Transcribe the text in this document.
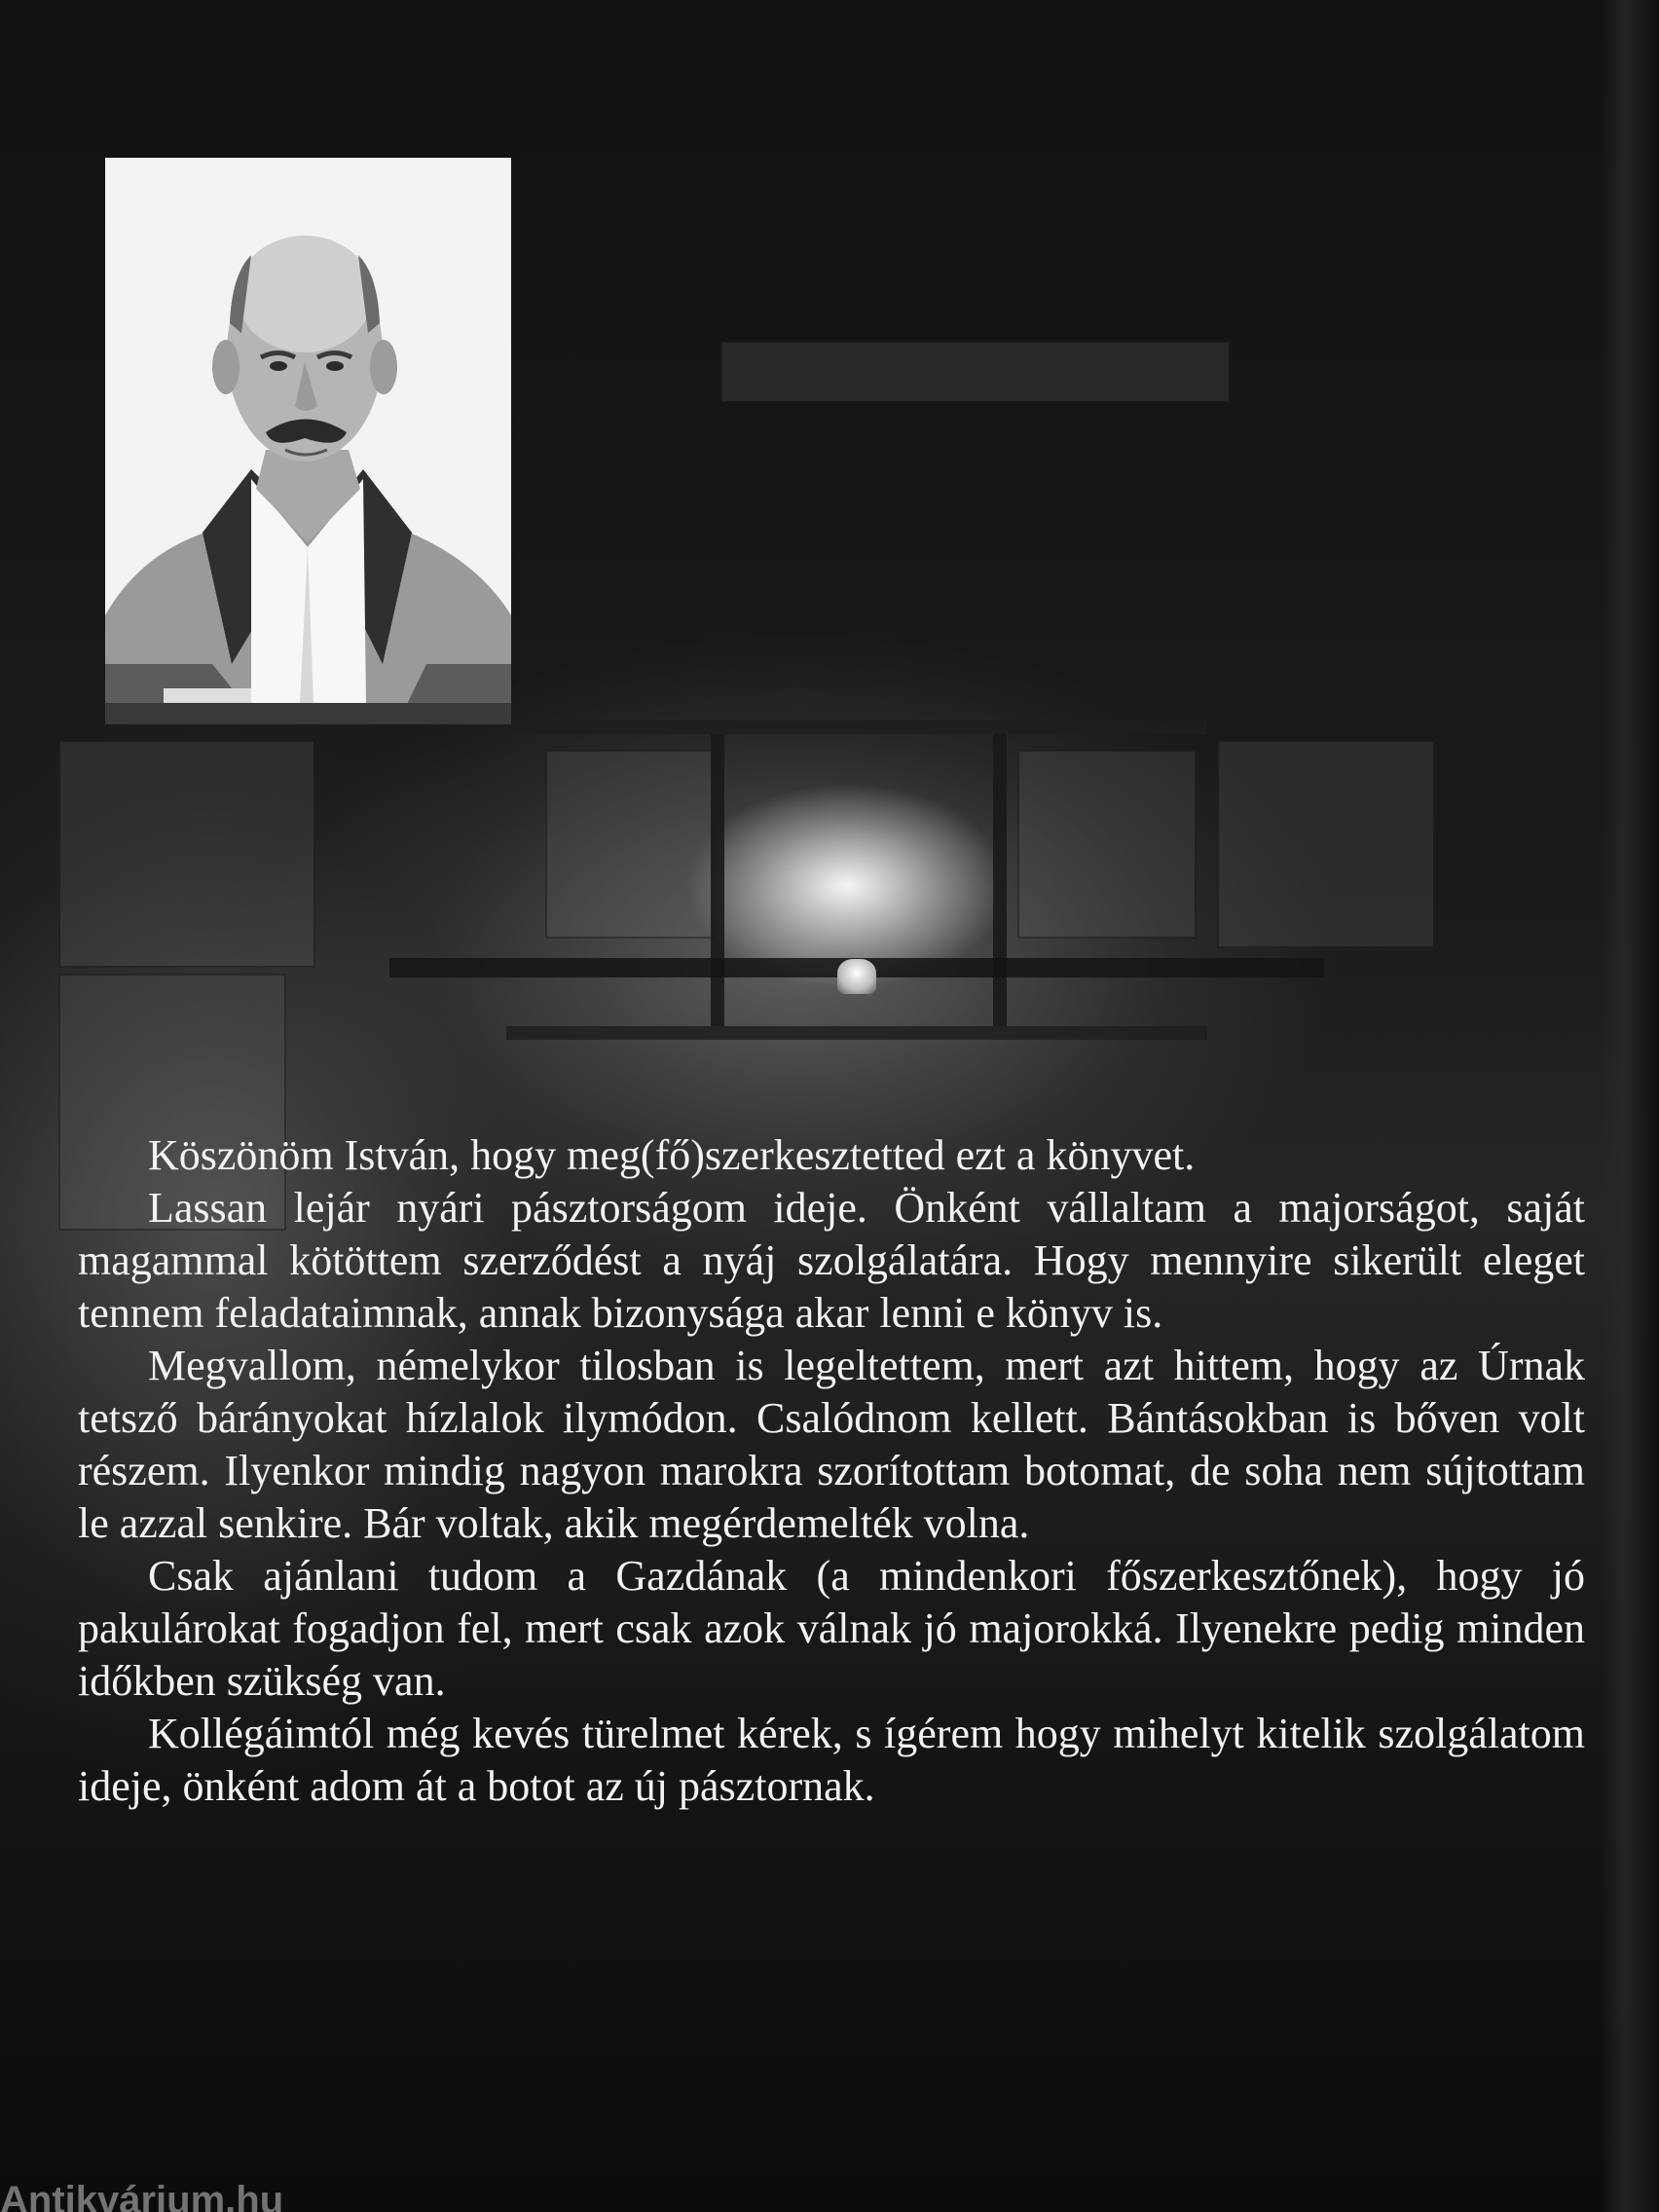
Köszönöm István, hogy meg(fő)szerkesztetted ezt a könyvet.

Lassan lejár nyári pásztorságom ideje. Önként vállaltam a majorságot, saját magammal kötöttem szerződést a nyáj szolgálatára. Hogy mennyire sikerült eleget tennem feladataimnak, annak bizonysága akar lenni e könyv is.

Megvallom, némelykor tilosban is legeltettem, mert azt hittem, hogy az Úrnak tetsző bárányokat hízlalok ilymódon. Csalódnom kellett. Bántásokban is bőven volt részem. Ilyenkor mindig nagyon marokra szorítottam botomat, de soha nem sújtottam le azzal senkire. Bár voltak, akik megérdemelték volna.

Csak ajánlani tudom a Gazdának (a mindenkori főszerkesztőnek), hogy jó pakulárokat fogadjon fel, mert csak azok válnak jó majorokká. Ilyenekre pedig minden időkben szükség van.

Kollégáimtól még kevés türelmet kérek, s ígérem hogy mihelyt kitelik szolgálatom ideje, önként adom át a botot az új pásztornak.

Antikvárium.hu
